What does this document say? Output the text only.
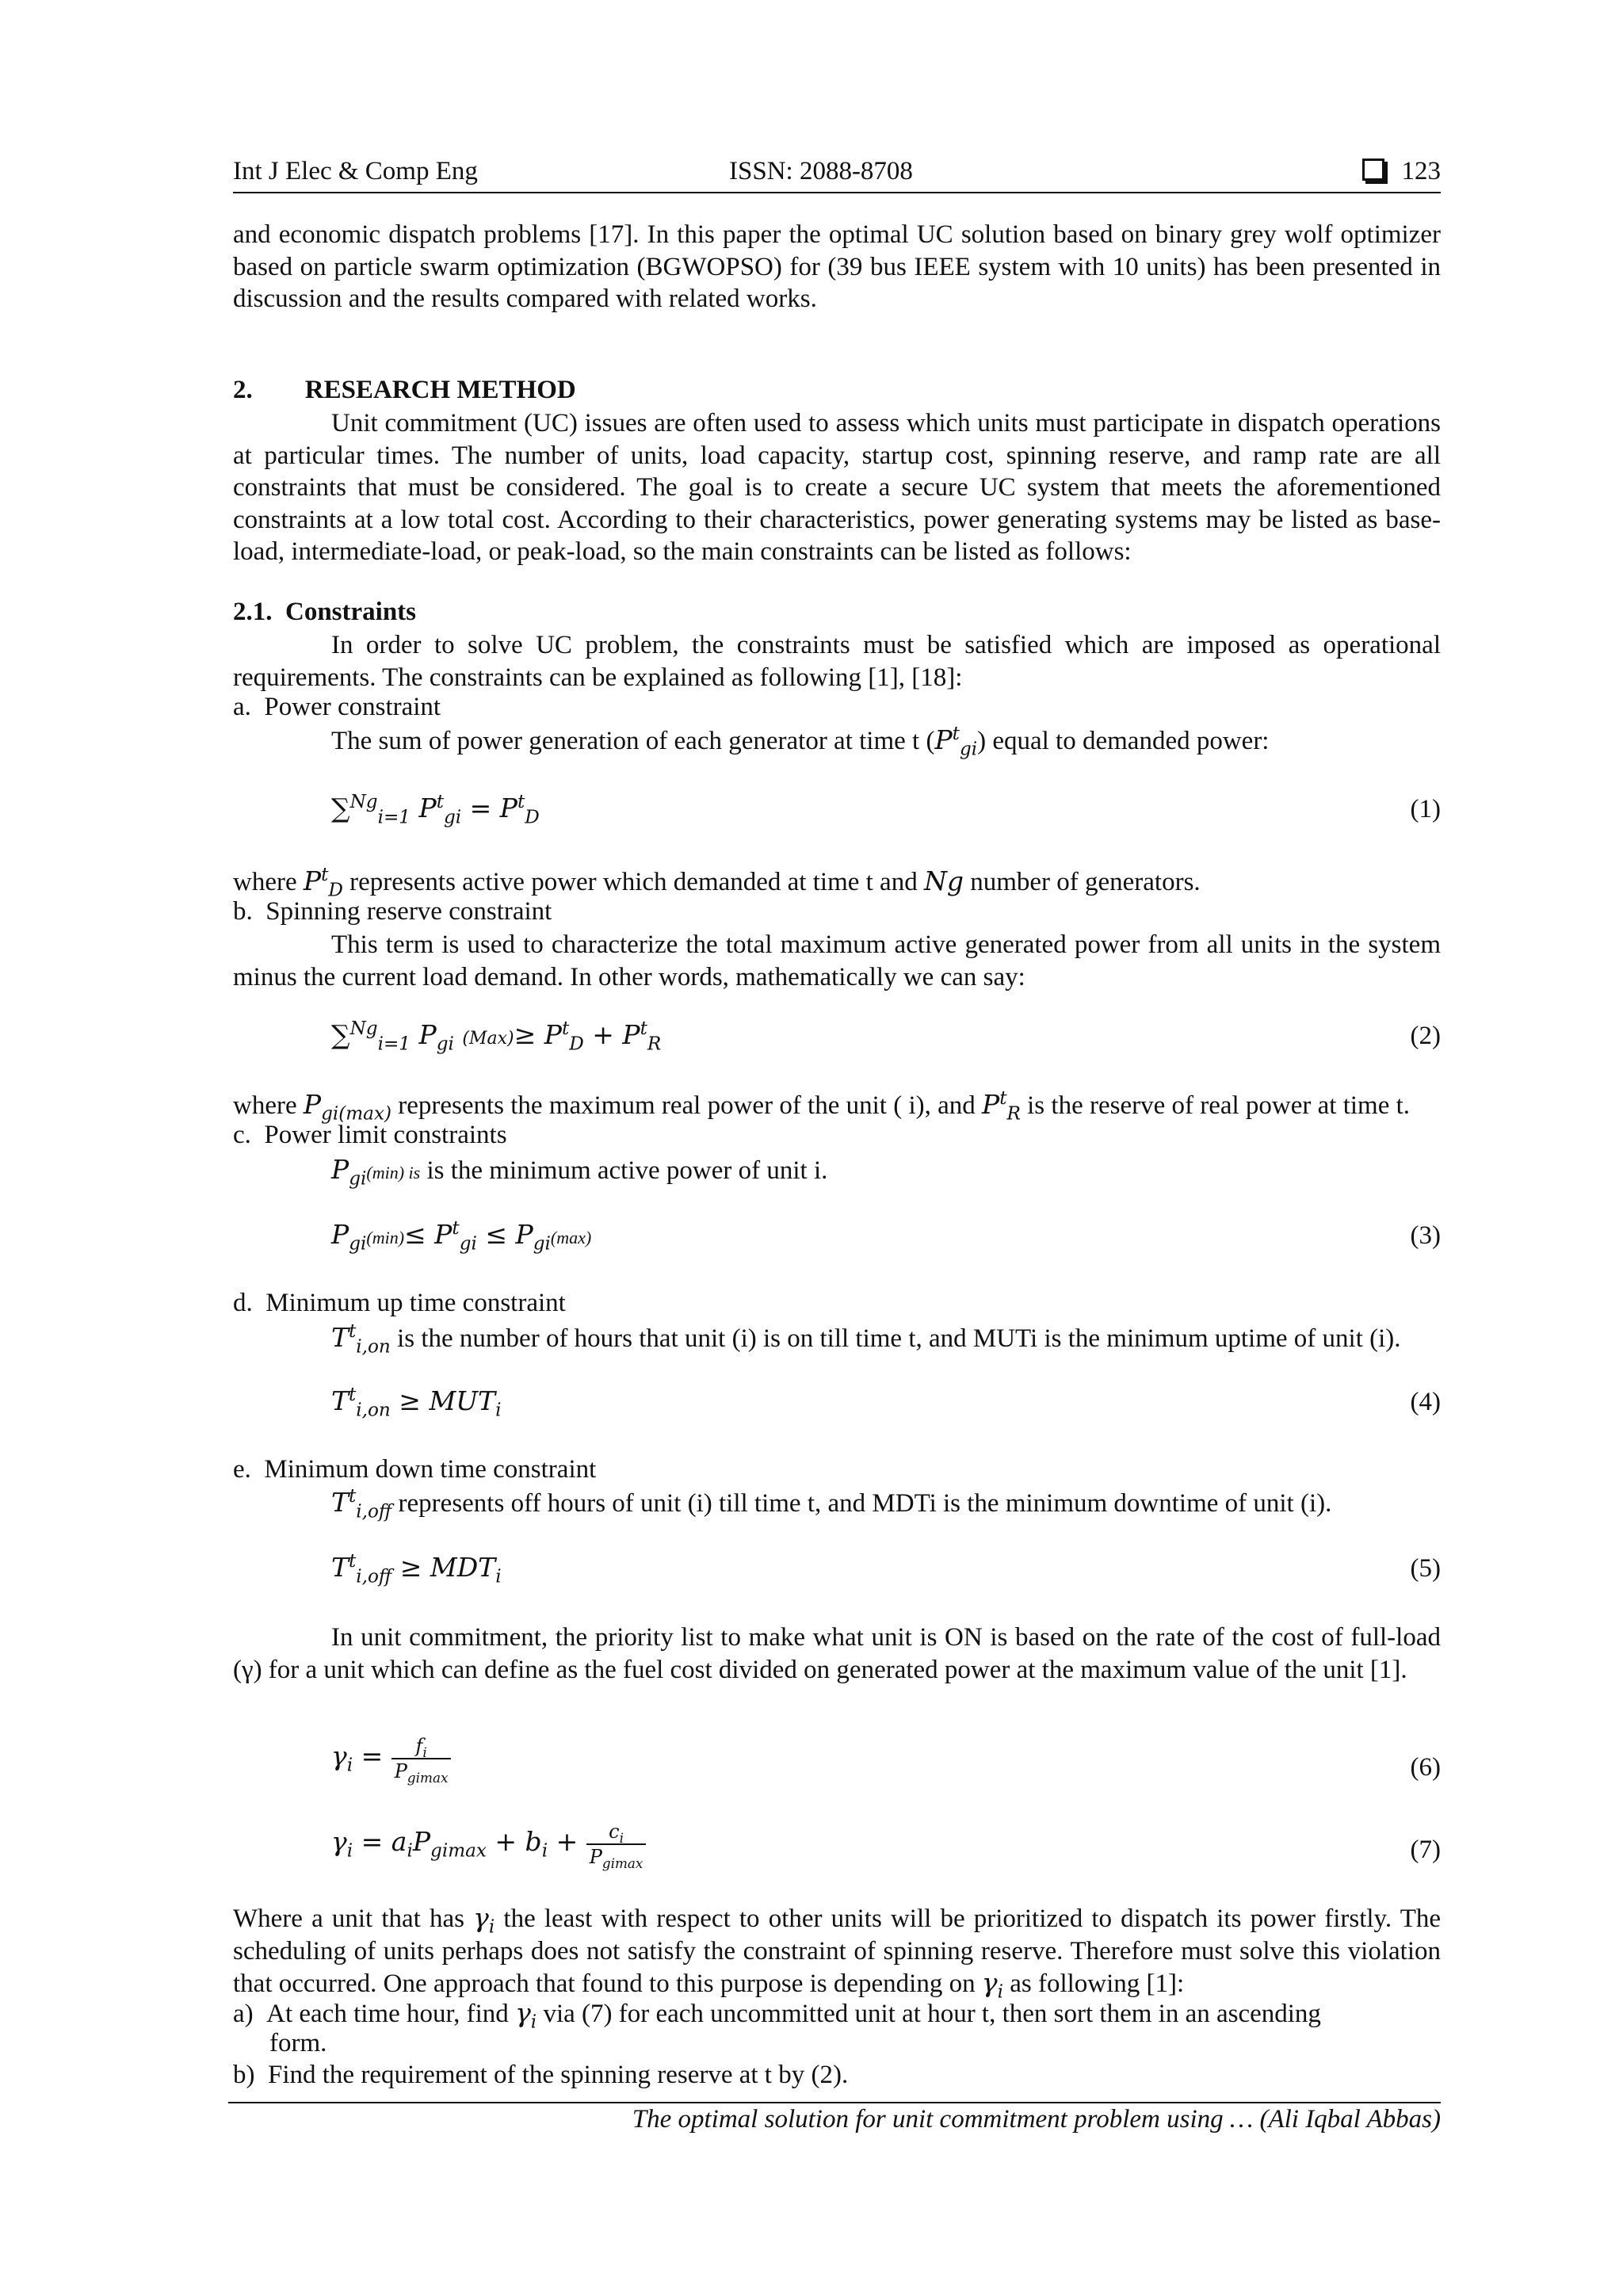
Int J Elec & Comp Eng	ISSN: 2088-8708	123
and economic dispatch problems [17]. In this paper the optimal UC solution based on binary grey wolf optimizer based on particle swarm optimization (BGWOPSO) for (39 bus IEEE system with 10 units) has been presented in discussion and the results compared with related works.
2.  RESEARCH METHOD
Unit commitment (UC) issues are often used to assess which units must participate in dispatch operations at particular times. The number of units, load capacity, startup cost, spinning reserve, and ramp rate are all constraints that must be considered. The goal is to create a secure UC system that meets the aforementioned constraints at a low total cost. According to their characteristics, power generating systems may be listed as base-load, intermediate-load, or peak-load, so the main constraints can be listed as follows:
2.1. Constraints
In order to solve UC problem, the constraints must be satisfied which are imposed as operational requirements. The constraints can be explained as following [1], [18]:
a. Power constraint
The sum of power generation of each generator at time t $(P^t_{gi})$ equal to demanded power:
∑$^{Ng}_{i=1}$ $P^t_{gi} = P^t_D$	(1)
where $P^t_D$ represents active power which demanded at time t and Ng number of generators.
b. Spinning reserve constraint
This term is used to characterize the total maximum active generated power from all units in the system minus the current load demand. In other words, mathematically we can say:
∑$^{Ng}_{i=1}$ $P_{gi}$ $(Max)\ge P^t_D + P^t_R$	(2)
where $P_{gi(max)}$ represents the maximum real power of the unit ( i), and $P^t_R$ is the reserve of real power at time t.
c. Power limit constraints
$P_{gi}(\min)$ is is the minimum active power of unit i.
$P_{gi}(\min)\le P^t_{gi} \le P_{gi}(\max)$	(3)
d. Minimum up time constraint
$T^t_{i,on}$ is the number of hours that unit (i) is on till time t, and MUTi is the minimum uptime of unit (i).
$T^t_{i,on} \ge MUT_i$	(4)
e. Minimum down time constraint
$T^t_{i,off}$ represents off hours of unit (i) till time t, and MDTi is the minimum downtime of unit (i).
$T^t_{i,off} \ge MDT_i$	(5)
In unit commitment, the priority list to make what unit is ON is based on the rate of the cost of full-load (γ) for a unit which can define as the fuel cost divided on generated power at the maximum value of the unit [1].
$\gamma_i = \frac{f_i}{P_{gimax}}$	(6)
$\gamma_i = a_iP_{gimax} + b_i + \frac{c_i}{P_{gimax}}$	(7)
Where a unit that has $\gamma_i$ the least with respect to other units will be prioritized to dispatch its power firstly. The scheduling of units perhaps does not satisfy the constraint of spinning reserve. Therefore must solve this violation that occurred. One approach that found to this purpose is depending on $\gamma_i$ as following [1]:
a) At each time hour, find $\gamma_i$ via (7) for each uncommitted unit at hour t, then sort them in an ascending
form.
b) Find the requirement of the spinning reserve at t by (2).
The optimal solution for unit commitment problem using … (Ali Iqbal Abbas)
